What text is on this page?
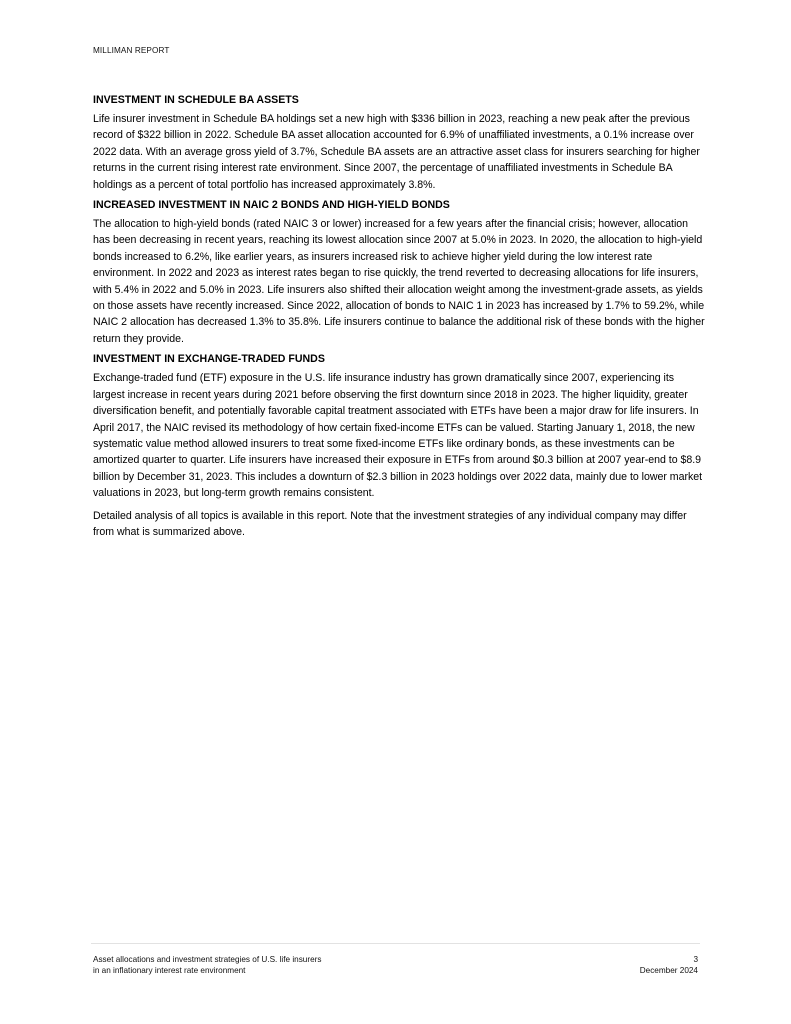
MILLIMAN REPORT
INVESTMENT IN SCHEDULE BA ASSETS

Life insurer investment in Schedule BA holdings set a new high with $336 billion in 2023, reaching a new peak after the previous record of $322 billion in 2022. Schedule BA asset allocation accounted for 6.9% of unaffiliated investments, a 0.1% increase over 2022 data. With an average gross yield of 3.7%, Schedule BA assets are an attractive asset class for insurers searching for higher returns in the current rising interest rate environment. Since 2007, the percentage of unaffiliated investments in Schedule BA holdings as a percent of total portfolio has increased approximately 3.8%.

INCREASED INVESTMENT IN NAIC 2 BONDS AND HIGH-YIELD BONDS

The allocation to high-yield bonds (rated NAIC 3 or lower) increased for a few years after the financial crisis; however, allocation has been decreasing in recent years, reaching its lowest allocation since 2007 at 5.0% in 2023. In 2020, the allocation to high-yield bonds increased to 6.2%, like earlier years, as insurers increased risk to achieve higher yield during the low interest rate environment. In 2022 and 2023 as interest rates began to rise quickly, the trend reverted to decreasing allocations for life insurers, with 5.4% in 2022 and 5.0% in 2023. Life insurers also shifted their allocation weight among the investment-grade assets, as yields on those assets have recently increased. Since 2022, allocation of bonds to NAIC 1 in 2023 has increased by 1.7% to 59.2%, while NAIC 2 allocation has decreased 1.3% to 35.8%. Life insurers continue to balance the additional risk of these bonds with the higher return they provide.

INVESTMENT IN EXCHANGE-TRADED FUNDS

Exchange-traded fund (ETF) exposure in the U.S. life insurance industry has grown dramatically since 2007, experiencing its largest increase in recent years during 2021 before observing the first downturn since 2018 in 2023. The higher liquidity, greater diversification benefit, and potentially favorable capital treatment associated with ETFs have been a major draw for life insurers. In April 2017, the NAIC revised its methodology of how certain fixed-income ETFs can be valued. Starting January 1, 2018, the new systematic value method allowed insurers to treat some fixed-income ETFs like ordinary bonds, as these investments can be amortized quarter to quarter. Life insurers have increased their exposure in ETFs from around $0.3 billion at 2007 year-end to $8.9 billion by December 31, 2023. This includes a downturn of $2.3 billion in 2023 holdings over 2022 data, mainly due to lower market valuations in 2023, but long-term growth remains consistent.

Detailed analysis of all topics is available in this report. Note that the investment strategies of any individual company may differ from what is summarized above.

Asset allocations and investment strategies of U.S. life insurers
in an inflationary interest rate environment
3
December 2024
